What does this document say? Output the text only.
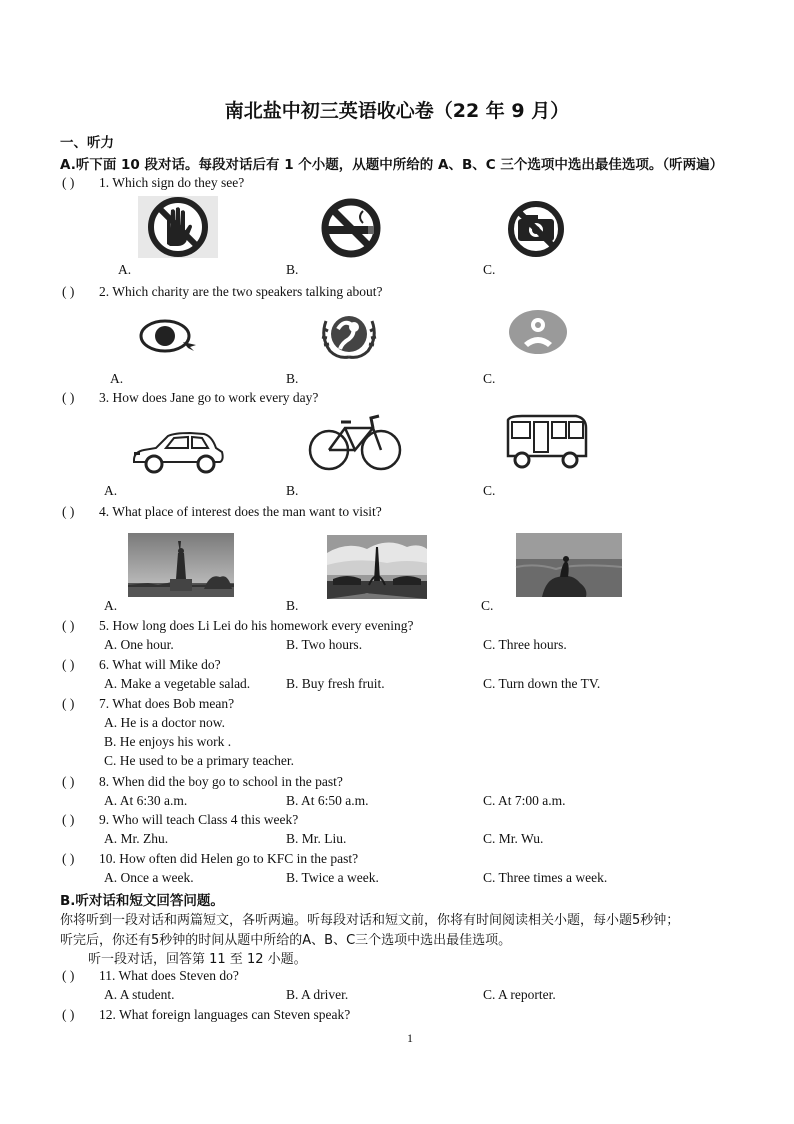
南北盐中初三英语收心卷（22 年 9 月）
一、听力
A.听下面 10 段对话。每段对话后有 1 个小题，从题中所给的 A、B、C 三个选项中选出最佳选项。（听两遍）
( ) 1. Which sign do they see?
A.	B.	C.
( ) 2. Which charity are the two speakers talking about?
A.	B.	C.
( ) 3. How does Jane go to work every day?
A.	B.	C.
( ) 4. What place of interest does the man want to visit?
A.	B.	C.
( ) 5. How long does Li Lei do his homework every evening?
A. One hour.	B. Two hours.	C. Three hours.
( ) 6. What will Mike do?
A. Make a vegetable salad.	B. Buy fresh fruit.	C. Turn down the TV.
( ) 7. What does Bob mean?
A. He is a doctor now.
B. He enjoys his work .
C. He used to be a primary teacher.
( ) 8. When did the boy go to school in the past?
A. At 6:30 a.m.	B. At 6:50 a.m.	C. At 7:00 a.m.
( ) 9. Who will teach Class 4 this week?
A. Mr. Zhu.	B. Mr. Liu.	C. Mr. Wu.
( ) 10. How often did Helen go to KFC in the past?
A. Once a week.	B. Twice a week.	C. Three times a week.
B.听对话和短文回答问题。
你将听到一段对话和两篇短文，各听两遍。听每段对话和短文前，你将有时间阅读相关小题，每小题5秒钟；
听完后，你还有5秒钟的时间从题中所给的A、B、C三个选项中选出最佳选项。
听一段对话，回答第 11 至 12 小题。
( ) 11. What does Steven do?
A. A student.	B. A driver.	C. A reporter.
( ) 12. What foreign languages can Steven speak?
1
